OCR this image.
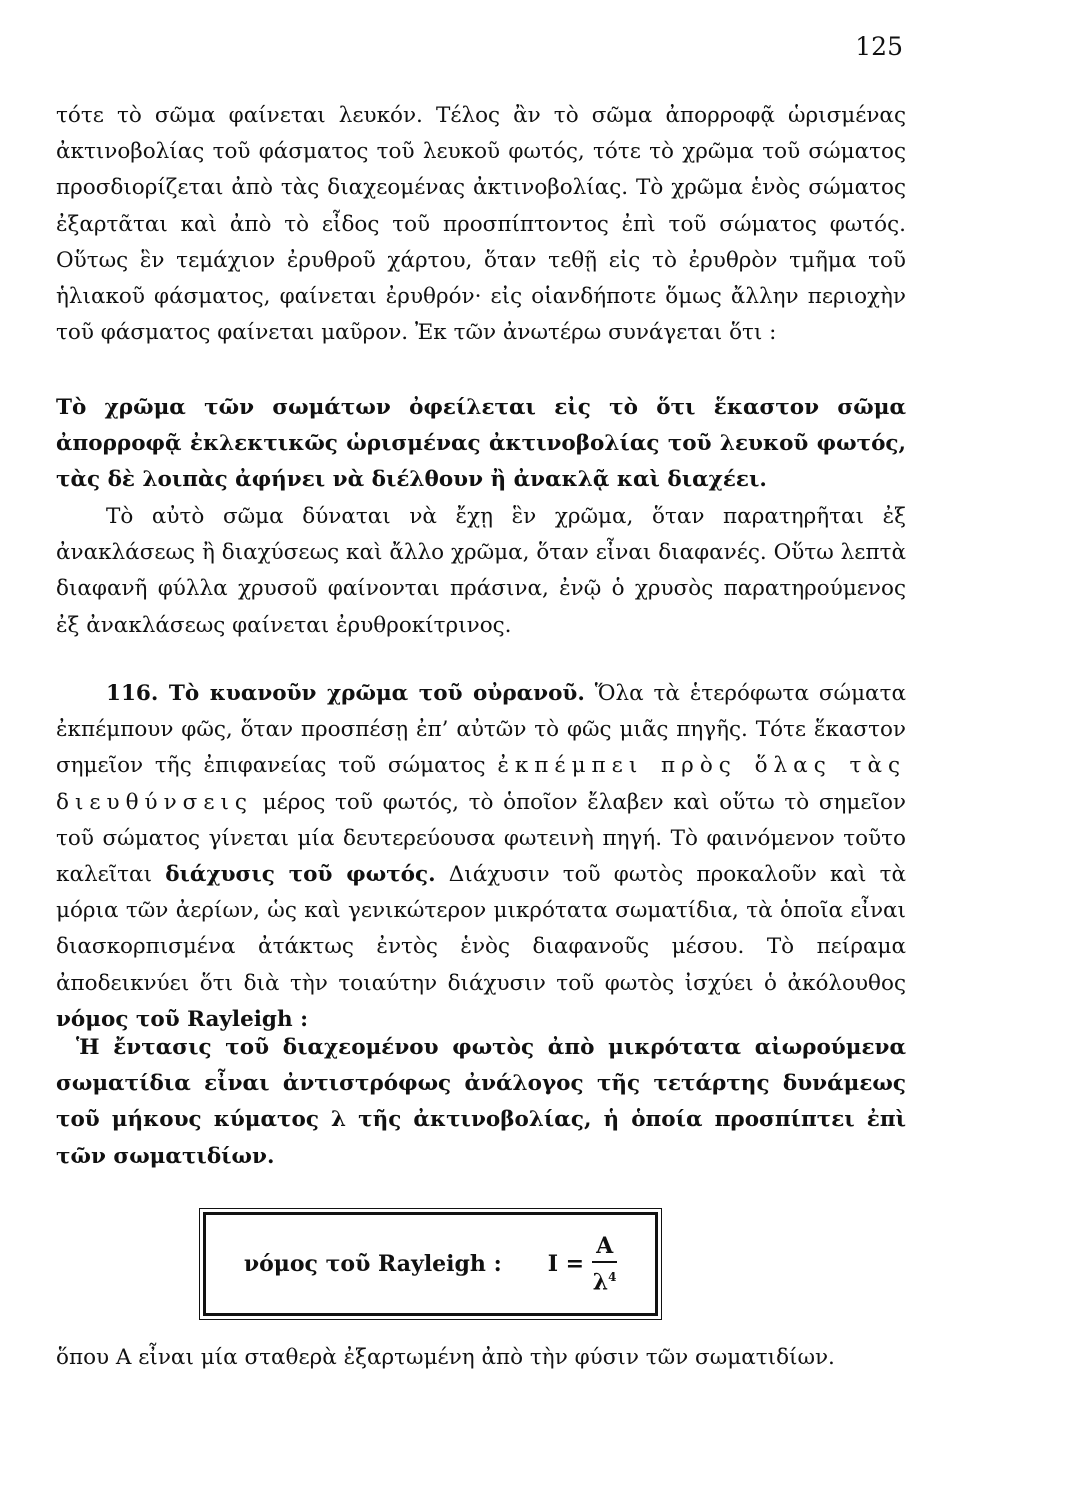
125

τότε τὸ σῶμα φαίνεται λευκόν. Τέλος ἂν τὸ σῶμα ἀπορροφᾷ ὡρισμένας ἀκτινοβολίας τοῦ φάσματος τοῦ λευκοῦ φωτός, τότε τὸ χρῶμα τοῦ σώματος προσδιορίζεται ἀπὸ τὰς διαχεομένας ἀκτινοβολίας. Τὸ χρῶμα ἑνὸς σώματος ἐξαρτᾶται καὶ ἀπὸ τὸ εἶδος τοῦ προσπίπτοντος ἐπὶ τοῦ σώματος φωτός. Οὕτως ἓν τεμάχιον ἐρυθροῦ χάρτου, ὅταν τεθῇ εἰς τὸ ἐρυθρὸν τμῆμα τοῦ ἡλιακοῦ φάσματος, φαίνεται ἐρυθρόν· εἰς οἱανδήποτε ὅμως ἄλλην περιοχὴν τοῦ φάσματος φαίνεται μαῦρον. Ἐκ τῶν ἀνωτέρω συνάγεται ὅτι :

Τὸ χρῶμα τῶν σωμάτων ὀφείλεται εἰς τὸ ὅτι ἕκαστον σῶμα ἀπορροφᾷ ἐκλεκτικῶς ὡρισμένας ἀκτινοβολίας τοῦ λευκοῦ φωτός, τὰς δὲ λοιπὰς ἀφήνει νὰ διέλθουν ἢ ἀνακλᾷ καὶ διαχέει.

Τὸ αὐτὸ σῶμα δύναται νὰ ἔχῃ ἓν χρῶμα, ὅταν παρατηρῆται ἐξ ἀνακλάσεως ἢ διαχύσεως καὶ ἄλλο χρῶμα, ὅταν εἶναι διαφανές. Οὕτω λεπτὰ διαφανῆ φύλλα χρυσοῦ φαίνονται πράσινα, ἐνῷ ὁ χρυσὸς παρατηρούμενος ἐξ ἀνακλάσεως φαίνεται ἐρυθροκίτρινος.

116. Τὸ κυανοῦν χρῶμα τοῦ οὐρανοῦ. Ὅλα τὰ ἑτερόφωτα σώματα ἐκπέμπουν φῶς, ὅταν προσπέσῃ ἐπ’ αὐτῶν τὸ φῶς μιᾶς πηγῆς. Τότε ἕκαστον σημεῖον τῆς ἐπιφανείας τοῦ σώματος ἐκπέμπει πρὸς ὅλας τὰς διευθύνσεις μέρος τοῦ φωτός, τὸ ὁποῖον ἔλαβεν καὶ οὕτω τὸ σημεῖον τοῦ σώματος γίνεται μία δευτερεύουσα φωτεινὴ πηγή. Τὸ φαινόμενον τοῦτο καλεῖται διάχυσις τοῦ φωτός. Διάχυσιν τοῦ φωτὸς προκαλοῦν καὶ τὰ μόρια τῶν ἀερίων, ὡς καὶ γενικώτερον μικρότατα σωματίδια, τὰ ὁποῖα εἶναι διασκορπισμένα ἀτάκτως ἐντὸς ἑνὸς διαφανοῦς μέσου. Τὸ πείραμα ἀποδεικνύει ὅτι διὰ τὴν τοιαύτην διάχυσιν τοῦ φωτὸς ἰσχύει ὁ ἀκόλουθος νόμος τοῦ Rayleigh :

Ἡ ἔντασις τοῦ διαχεομένου φωτὸς ἀπὸ μικρότατα αἰωρούμενα σωματίδια εἶναι ἀντιστρόφως ἀνάλογος τῆς τετάρτης δυνάμεως τοῦ μήκους κύματος λ τῆς ἀκτινοβολίας, ἡ ὁποία προσπίπτει ἐπὶ τῶν σωματιδίων.

νόμος τοῦ Rayleigh : $I = \frac{A}{\lambda^4}$

ὅπου A εἶναι μία σταθερὰ ἐξαρτωμένη ἀπὸ τὴν φύσιν τῶν σωματιδίων.
